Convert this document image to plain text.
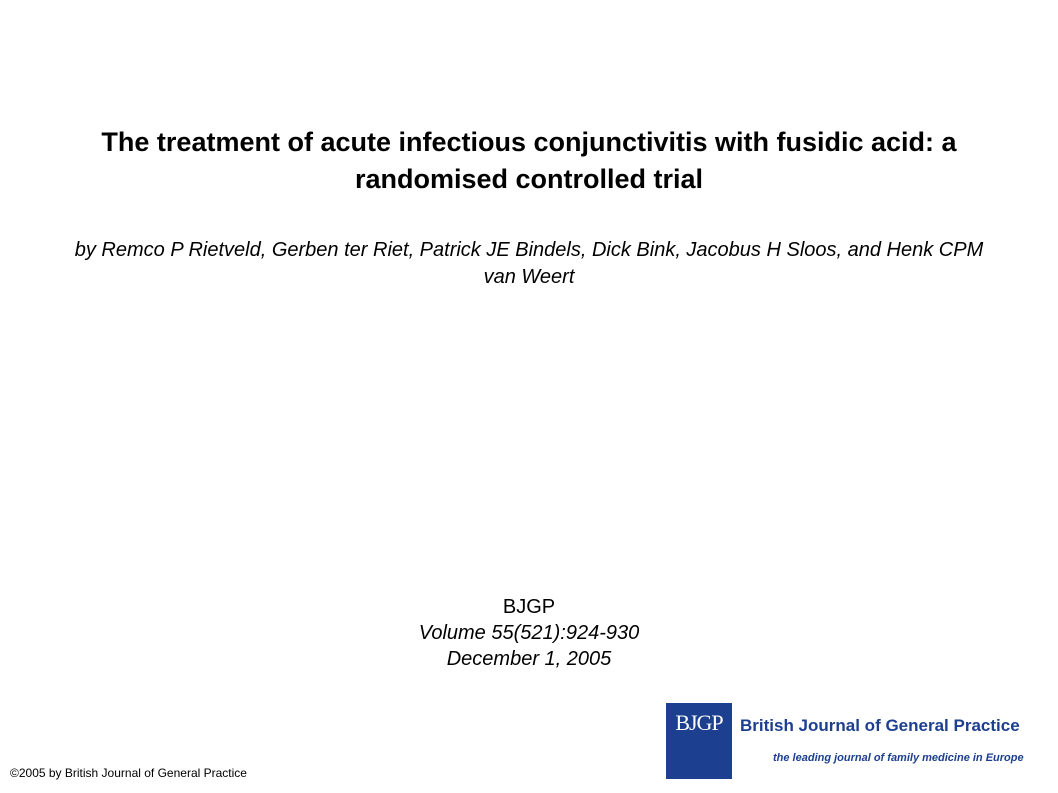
The treatment of acute infectious conjunctivitis with fusidic acid: a randomised controlled trial
by Remco P Rietveld, Gerben ter Riet, Patrick JE Bindels, Dick Bink, Jacobus H Sloos, and Henk CPM van Weert
BJGP
Volume 55(521):924-930
December 1, 2005
©2005 by British Journal of General Practice
BJGP	British Journal of General Practice
the leading journal of family medicine in Europe
